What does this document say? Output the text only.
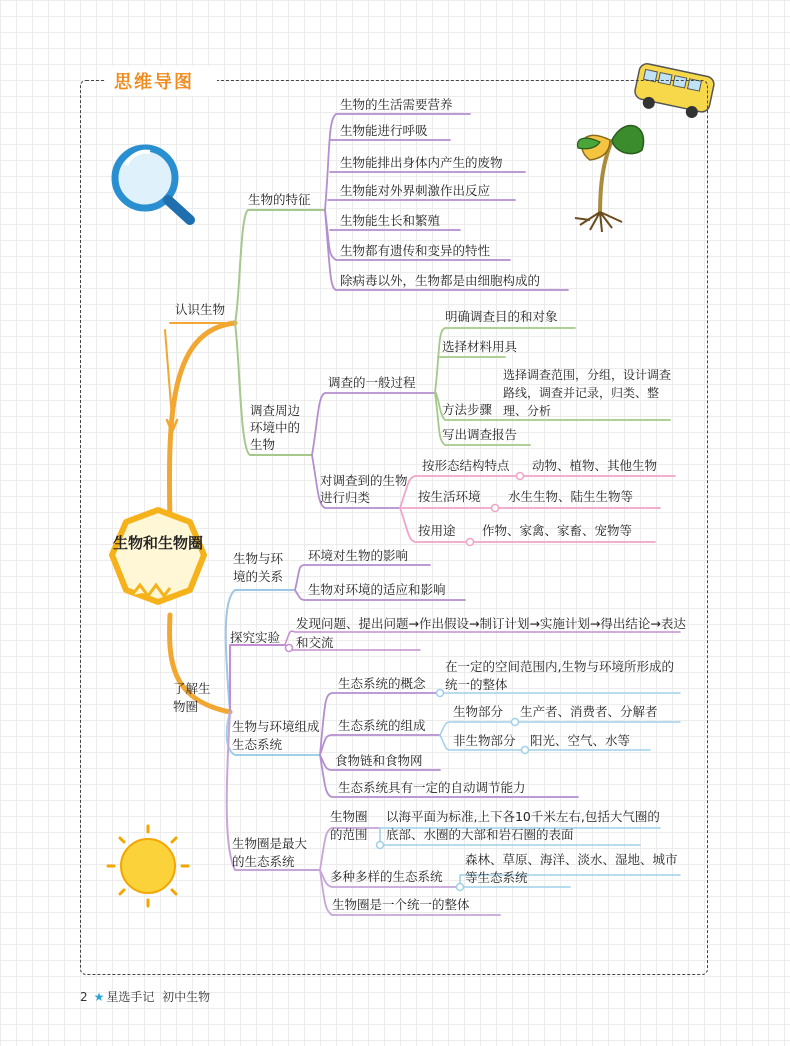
思维导图
生物和生物圈
认识生物
生物的特征
生物的生活需要营养
生物能进行呼吸
生物能排出身体内产生的废物
生物能对外界刺激作出反应
生物能生长和繁殖
生物都有遗传和变异的特性
除病毒以外，生物都是由细胞构成的
调查周边环境中的生物
调查的一般过程
明确调查目的和对象
选择材料用具
方法步骤
选择调查范围，分组，设计调查路线，调查并记录，归类、整理、分析
写出调查报告
对调查到的生物进行归类
按形态结构特点 动物、植物、其他生物
按生活环境 水生生物、陆生生物等
按用途 作物、家禽、家畜、宠物等
了解生物圈
生物与环境的关系
环境对生物的影响
生物对环境的适应和影响
探究实验
发现问题、提出问题→作出假设→制订计划→实施计划→得出结论→表达和交流
生物与环境组成生态系统
生态系统的概念
在一定的空间范围内,生物与环境所形成的统一的整体
生态系统的组成
生物部分 生产者、消费者、分解者
非生物部分 阳光、空气、水等
食物链和食物网
生态系统具有一定的自动调节能力
生物圈是最大的生态系统
生物圈的范围
以海平面为标准,上下各10千米左右,包括大气圈的底部、水圈的大部和岩石圈的表面
多种多样的生态系统
森林、草原、海洋、淡水、湿地、城市等生态系统
生物圈是一个统一的整体
2 ★ 星选手记 初中生物
